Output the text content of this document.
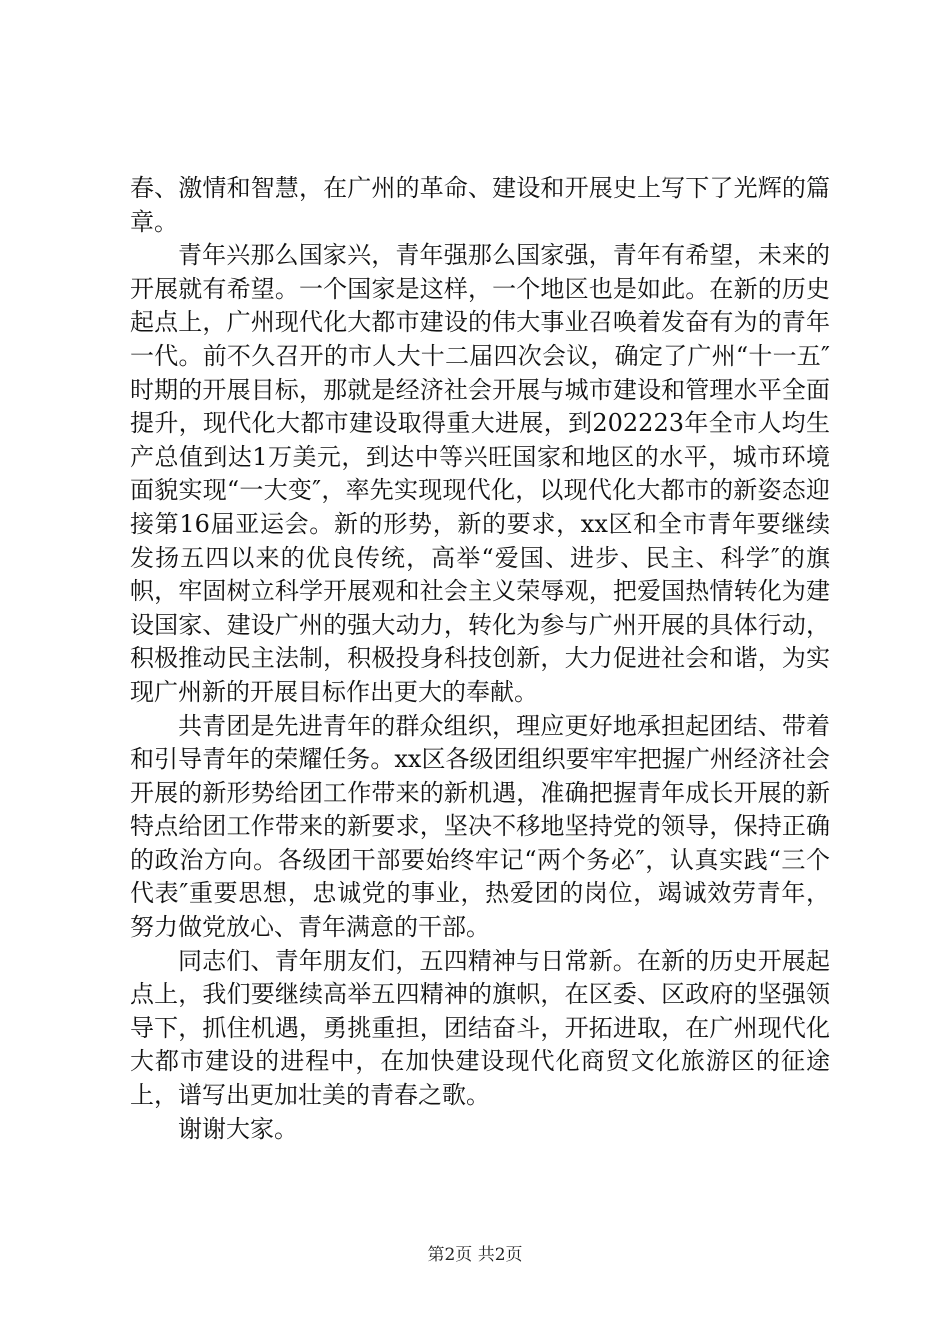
春、激情和智慧，在广州的革命、建设和开展史上写下了光辉的篇章。

青年兴那么国家兴，青年强那么国家强，青年有希望，未来的开展就有希望。一个国家是这样，一个地区也是如此。在新的历史起点上，广州现代化大都市建设的伟大事业召唤着发奋有为的青年一代。前不久召开的市人大十二届四次会议，确定了广州“十一五″时期的开展目标，那就是经济社会开展与城市建设和管理水平全面提升，现代化大都市建设取得重大进展，到202223年全市人均生产总值到达1万美元，到达中等兴旺国家和地区的水平，城市环境面貌实现“一大变″，率先实现现代化，以现代化大都市的新姿态迎接第16届亚运会。新的形势，新的要求，xx区和全市青年要继续发扬五四以来的优良传统，高举“爱国、进步、民主、科学″的旗帜，牢固树立科学开展观和社会主义荣辱观，把爱国热情转化为建设国家、建设广州的强大动力，转化为参与广州开展的具体行动，积极推动民主法制，积极投身科技创新，大力促进社会和谐，为实现广州新的开展目标作出更大的奉献。

共青团是先进青年的群众组织，理应更好地承担起团结、带着和引导青年的荣耀任务。xx区各级团组织要牢牢把握广州经济社会开展的新形势给团工作带来的新机遇，准确把握青年成长开展的新特点给团工作带来的新要求，坚决不移地坚持党的领导，保持正确的政治方向。各级团干部要始终牢记“两个务必″，认真实践“三个代表″重要思想，忠诚党的事业，热爱团的岗位，竭诚效劳青年，努力做党放心、青年满意的干部。

同志们、青年朋友们，五四精神与日常新。在新的历史开展起点上，我们要继续高举五四精神的旗帜，在区委、区政府的坚强领导下，抓住机遇，勇挑重担，团结奋斗，开拓进取，在广州现代化大都市建设的进程中，在加快建设现代化商贸文化旅游区的征途上，谱写出更加壮美的青春之歌。

谢谢大家。

第2页 共2页
